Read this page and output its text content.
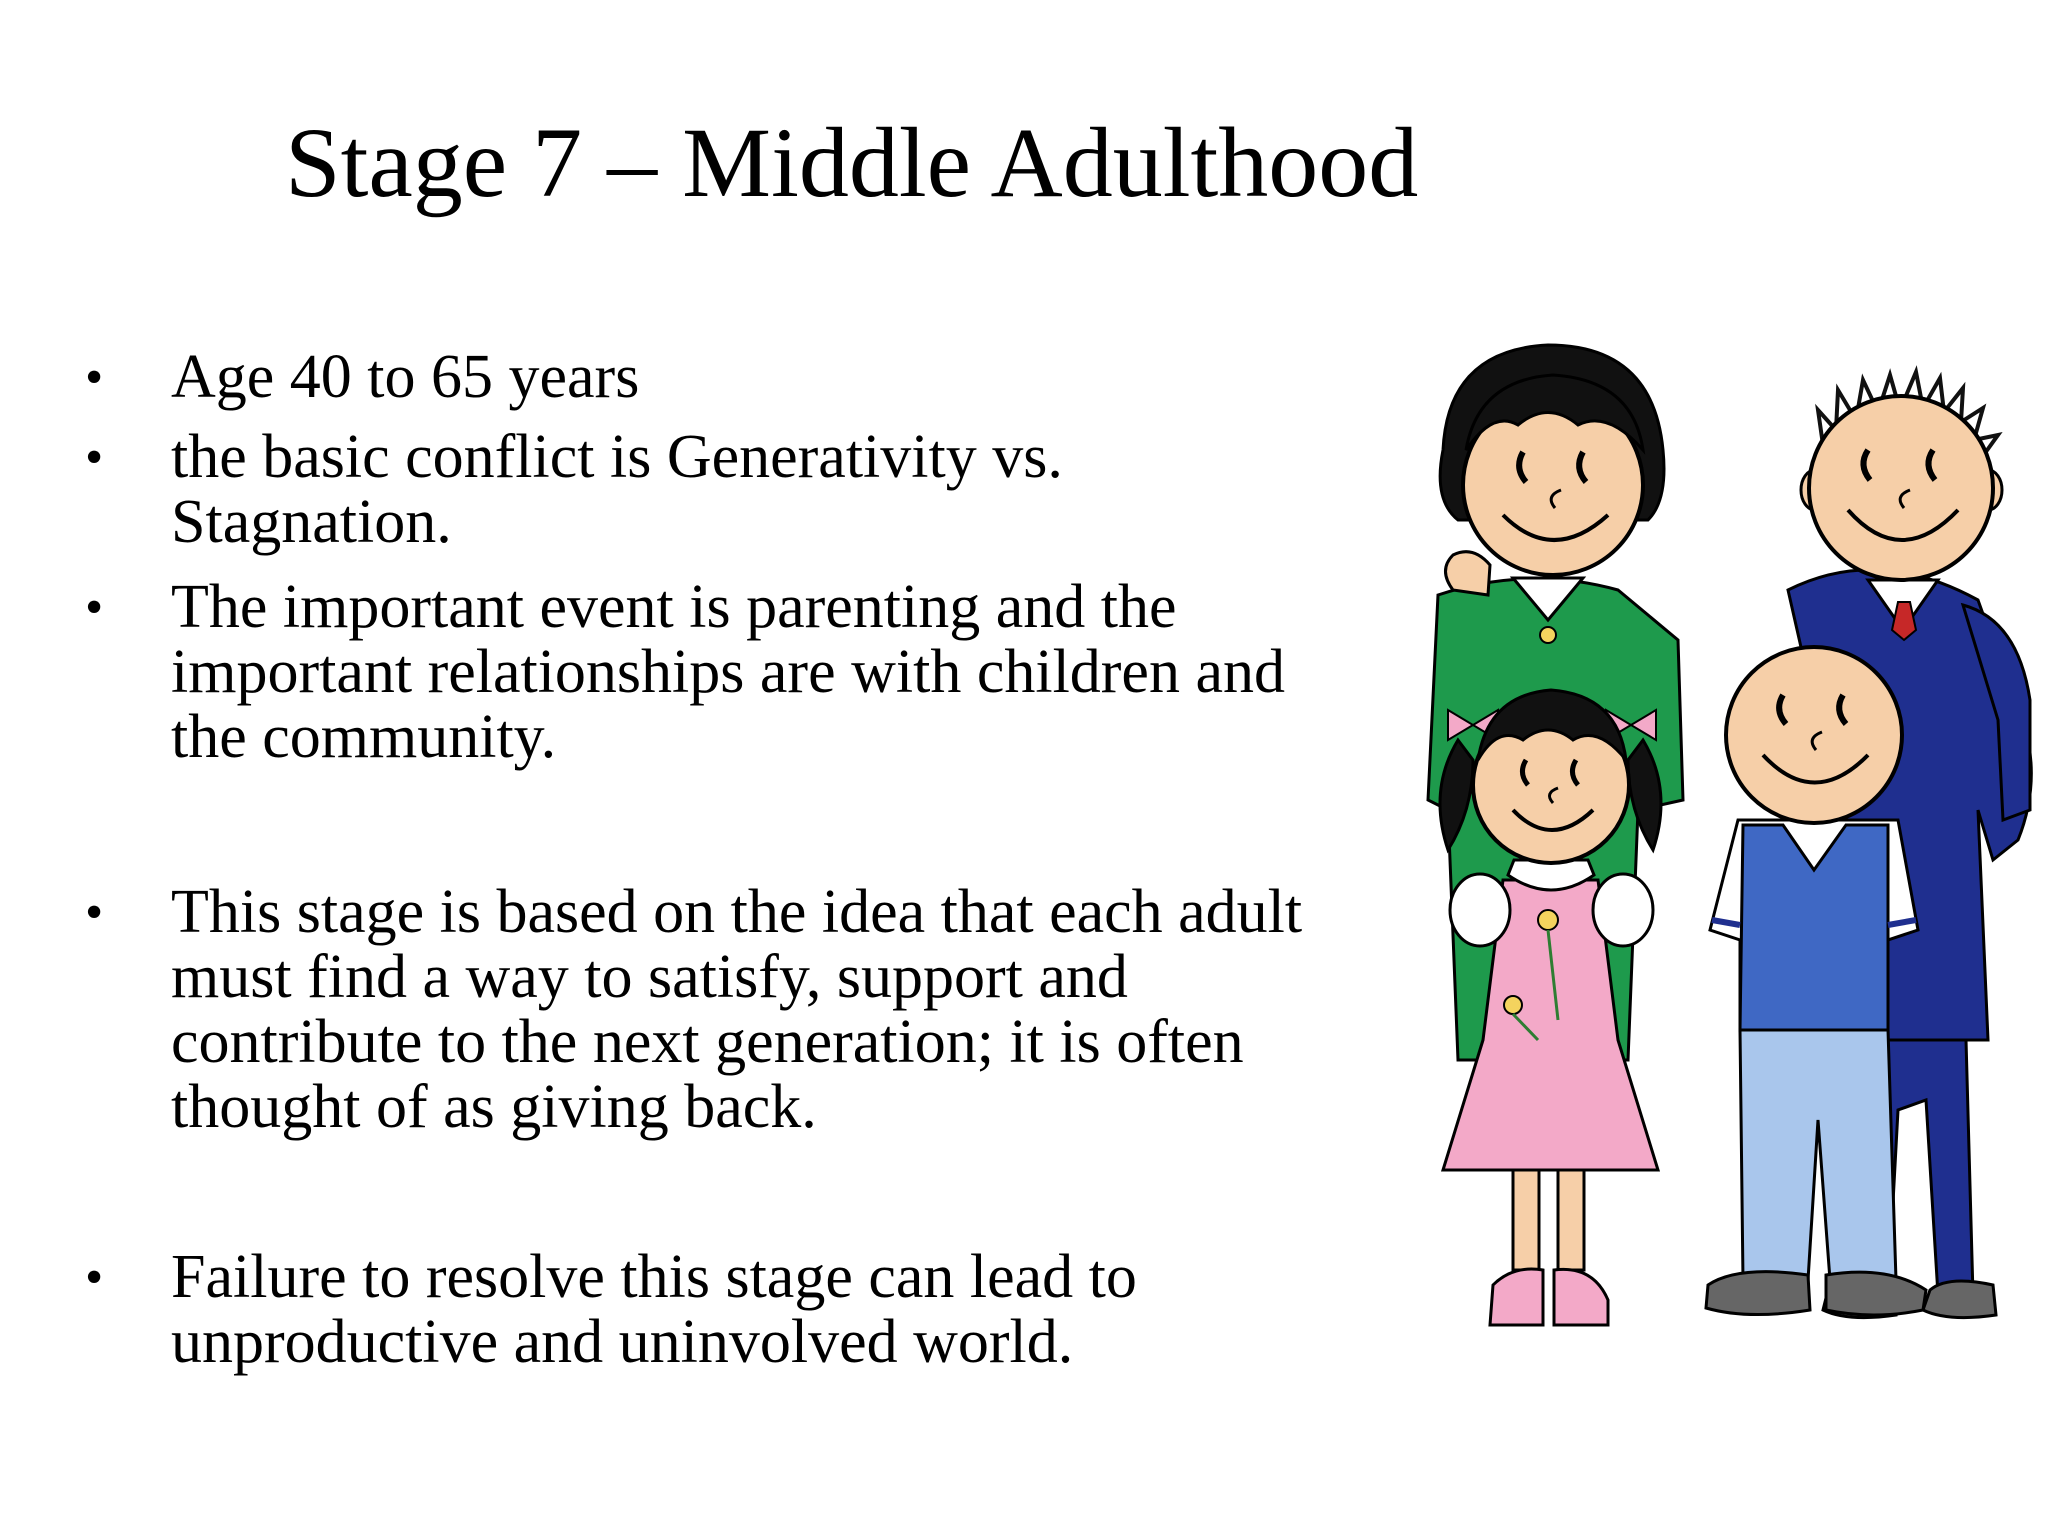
Stage 7 – Middle Adulthood
•	Age 40 to 65 years
•	the basic conflict is Generativity vs. Stagnation.
•	The important event is parenting and the important relationships are with children and the community.
•	This stage is based on the idea that each adult must find a way to satisfy, support and contribute to the next generation; it is often thought of as giving back.
•	Failure to resolve this stage can lead to unproductive and uninvolved world.
